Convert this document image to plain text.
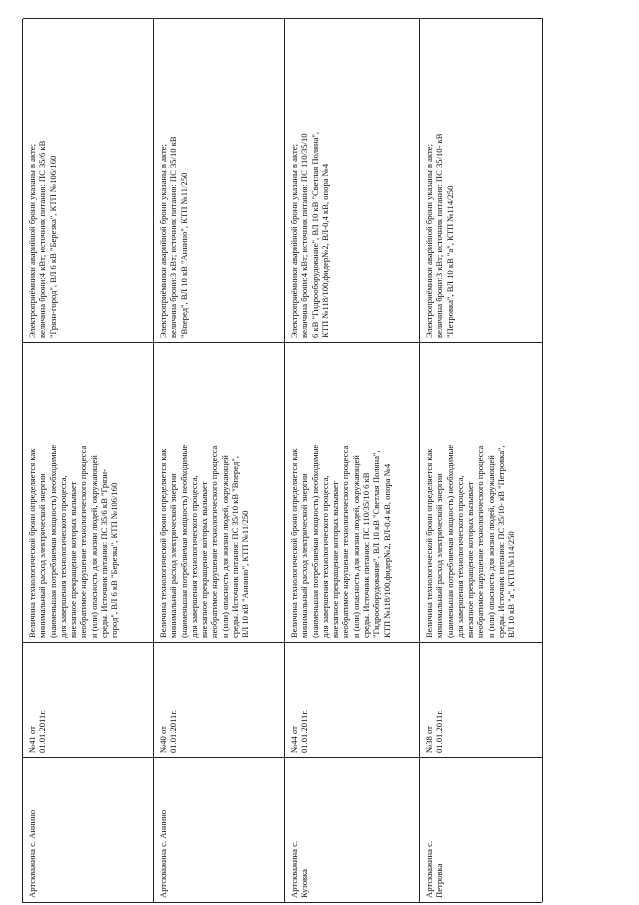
Артскважина с. Аннино
№41 от
01.01.2011г.
Величина технологической брони определяется как
минимальный расход электрической энергии
(наименьшая потребляемая мощность) необходимые
для завершения технологического процесса,
внезапное прекращение которых вызывает
необратимое нарушение технологического процесса
и (или) опасность для жизни людей, окружающей
среды. Источник питания: ПС 35/6 кВ "Грязи-
город", ВЛ 6 кВ "Березка", КТП №106/160
Электроприёмники аварийной брони указаны в акте;
величина брони:4 кВт; источник питания: ПС 35/6 кВ
"Грязи-город", ВЛ 6 кВ "Березка", КТП №106/160
Артскважина с. Аннино
№40 от
01.01.2011г.
Величина технологической брони определяется как
минимальный расход электрической энергии
(наименьшая потребляемая мощность) необходимые
для завершения технологического процесса,
внезапное прекращение которых вызывает
необратимое нарушение технологического процесса
и (или) опасность для жизни людей, окружающей
среды. Источник питания: ПС 35/10 кВ "Вперед",
ВЛ 10 кВ "Аннино", КТП №11/250
Электроприёмники аварийной брони указаны в акте;
величина брони:3 кВт; источник питания: ПС 35/10 кВ
"Вперед", ВЛ 10 кВ "Аннино", КТП №11/250
Артскважина с.
Кузовка
№44 от
01.01.2011г.
Величина технологической брони определяется как
минимальный расход электрической энергии
(наименьшая потребляемая мощность) необходимые
для завершения технологического процесса,
внезапное прекращение которых вызывает
необратимое нарушение технологического процесса
и (или) опасность для жизни людей, окружающей
среды. Источник питания: ПС 110/35/10 6 кВ
"Гидрооборудование", ВЛ 10 кВ "Светлая Поляна",
КТП №118/100,фидер№2, ВЛ-0,4 кВ, опора №4
Электроприёмники аварийной брони указаны в акте;
величина брони:4 кВт; источник питания: ПС 110/35/10
6 кВ "Гидрооборудование", ВЛ 10 кВ "Светлая Поляна",
КТП №118/100,фидер№2, ВЛ-0,4 кВ, опора №4
Артскважина с.
Петровка
№38 от
01.01.2011г.
Величина технологической брони определяется как
минимальный расход электрической энергии
(наименьшая потребляемая мощность) необходимые
для завершения технологического процесса,
внезапное прекращение которых вызывает
необратимое нарушение технологического процесса
и (или) опасность для жизни людей, окружающей
среды. Источник питания: ПС 35/10- кВ "Петровка",
ВЛ 10 кВ "а", КТП №114/250
Электроприёмники аварийной брони указаны в акте;
величина брони:3 кВт; источник питания: ПС 35/10- кВ
"Петровка", ВЛ 10 кВ "а", КТП №114/250
